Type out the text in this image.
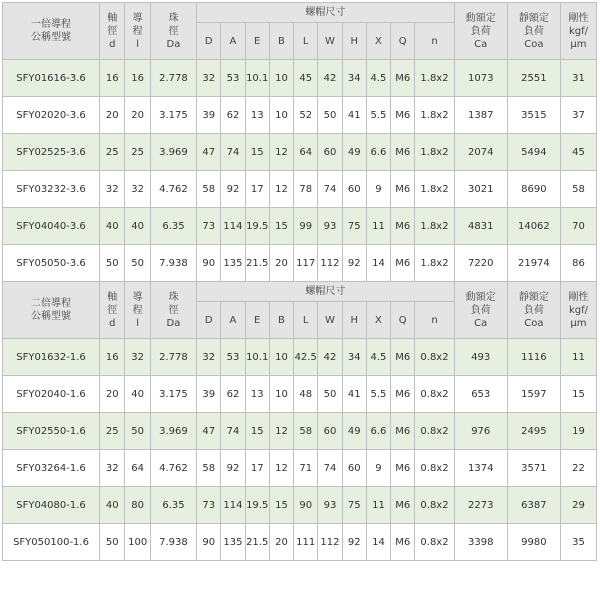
一倍導程
公稱型號	軸
徑
d	導
程
l	珠
徑
Da	螺帽尺寸										動額定
負荷
Ca	靜額定
負荷
Coa	剛性
kgf/
μm

				D	A	E	B	L	W	H	X	Q	n			
SFY01616-3.6	16	16	2.778	32	53	10.1	10	45	42	34	4.5	M6	1.8x2	1073	2551	31
SFY02020-3.6	20	20	3.175	39	62	13	10	52	50	41	5.5	M6	1.8x2	1387	3515	37
SFY02525-3.6	25	25	3.969	47	74	15	12	64	60	49	6.6	M6	1.8x2	2074	5494	45
SFY03232-3.6	32	32	4.762	58	92	17	12	78	74	60	9	M6	1.8x2	3021	8690	58
SFY04040-3.6	40	40	6.35	73	114	19.5	15	99	93	75	11	M6	1.8x2	4831	14062	70
SFY05050-3.6	50	50	7.938	90	135	21.5	20	117	112	92	14	M6	1.8x2	7220	21974	86

二倍導程
公稱型號	軸
徑
d	導
程
l	珠
徑
Da	螺帽尺寸										動額定
負荷
Ca	靜額定
負荷
Coa	剛性
kgf/
μm

				D	A	E	B	L	W	H	X	Q	n			
SFY01632-1.6	16	32	2.778	32	53	10.1	10	42.5	42	34	4.5	M6	0.8x2	493	1116	11
SFY02040-1.6	20	40	3.175	39	62	13	10	48	50	41	5.5	M6	0.8x2	653	1597	15
SFY02550-1.6	25	50	3.969	47	74	15	12	58	60	49	6.6	M6	0.8x2	976	2495	19
SFY03264-1.6	32	64	4.762	58	92	17	12	71	74	60	9	M6	0.8x2	1374	3571	22
SFY04080-1.6	40	80	6.35	73	114	19.5	15	90	93	75	11	M6	0.8x2	2273	6387	29
SFY050100-1.6	50	100	7.938	90	135	21.5	20	111	112	92	14	M6	0.8x2	3398	9980	35
